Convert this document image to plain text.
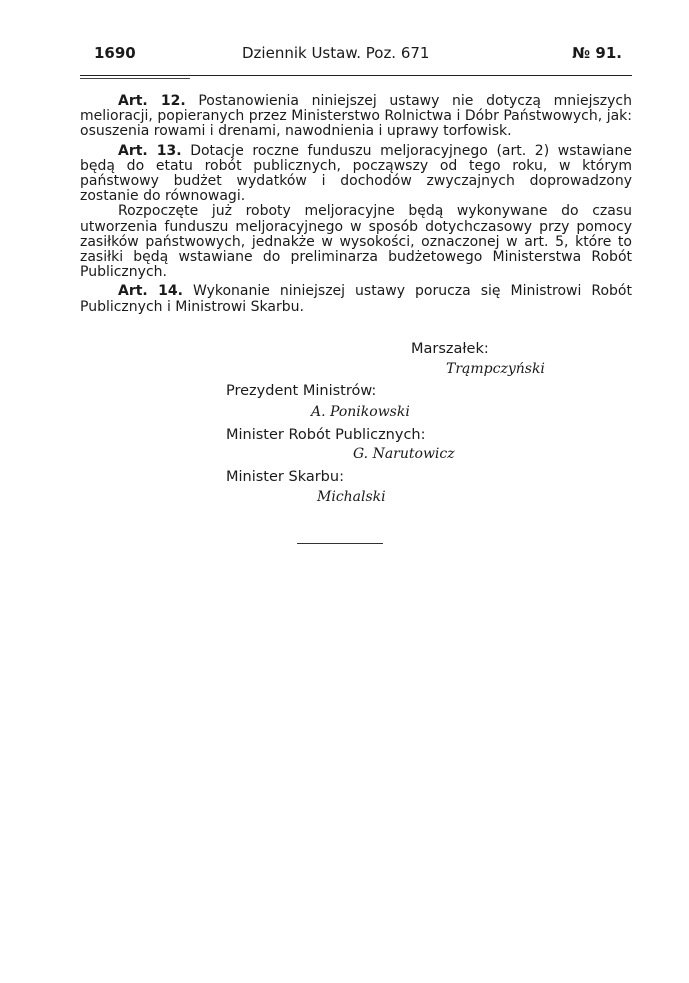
1690	Dziennik Ustaw. Poz. 671	№ 91.

Art. 12. Postanowienia niniejszej ustawy nie dotyczą mniejszych melioracji, popieranych przez Ministerstwo Rolnictwa i Dóbr Państwowych, jak: osuszenia rowami i drenami, nawodnienia i uprawy torfowisk.

Art. 13. Dotacje roczne funduszu meljoracyjnego (art. 2) wstawiane będą do etatu robót publicznych, począwszy od tego roku, w którym państwowy budżet wydatków i dochodów zwyczajnych doprowadzony zostanie do równowagi.

Rozpoczęte już roboty meljoracyjne będą wykonywane do czasu utworzenia funduszu meljoracyjnego w sposób dotychczasowy przy pomocy zasiłków państwowych, jednakże w wysokości, oznaczonej w art. 5, które to zasiłki będą wstawiane do preliminarza budżetowego Ministerstwa Robót Publicznych.

Art. 14. Wykonanie niniejszej ustawy porucza się Ministrowi Robót Publicznych i Ministrowi Skarbu.

Marszałek:
Trąmpczyński
Prezydent Ministrów:
A. Ponikowski
Minister Robót Publicznych:
G. Narutowicz
Minister Skarbu:
Michalski
